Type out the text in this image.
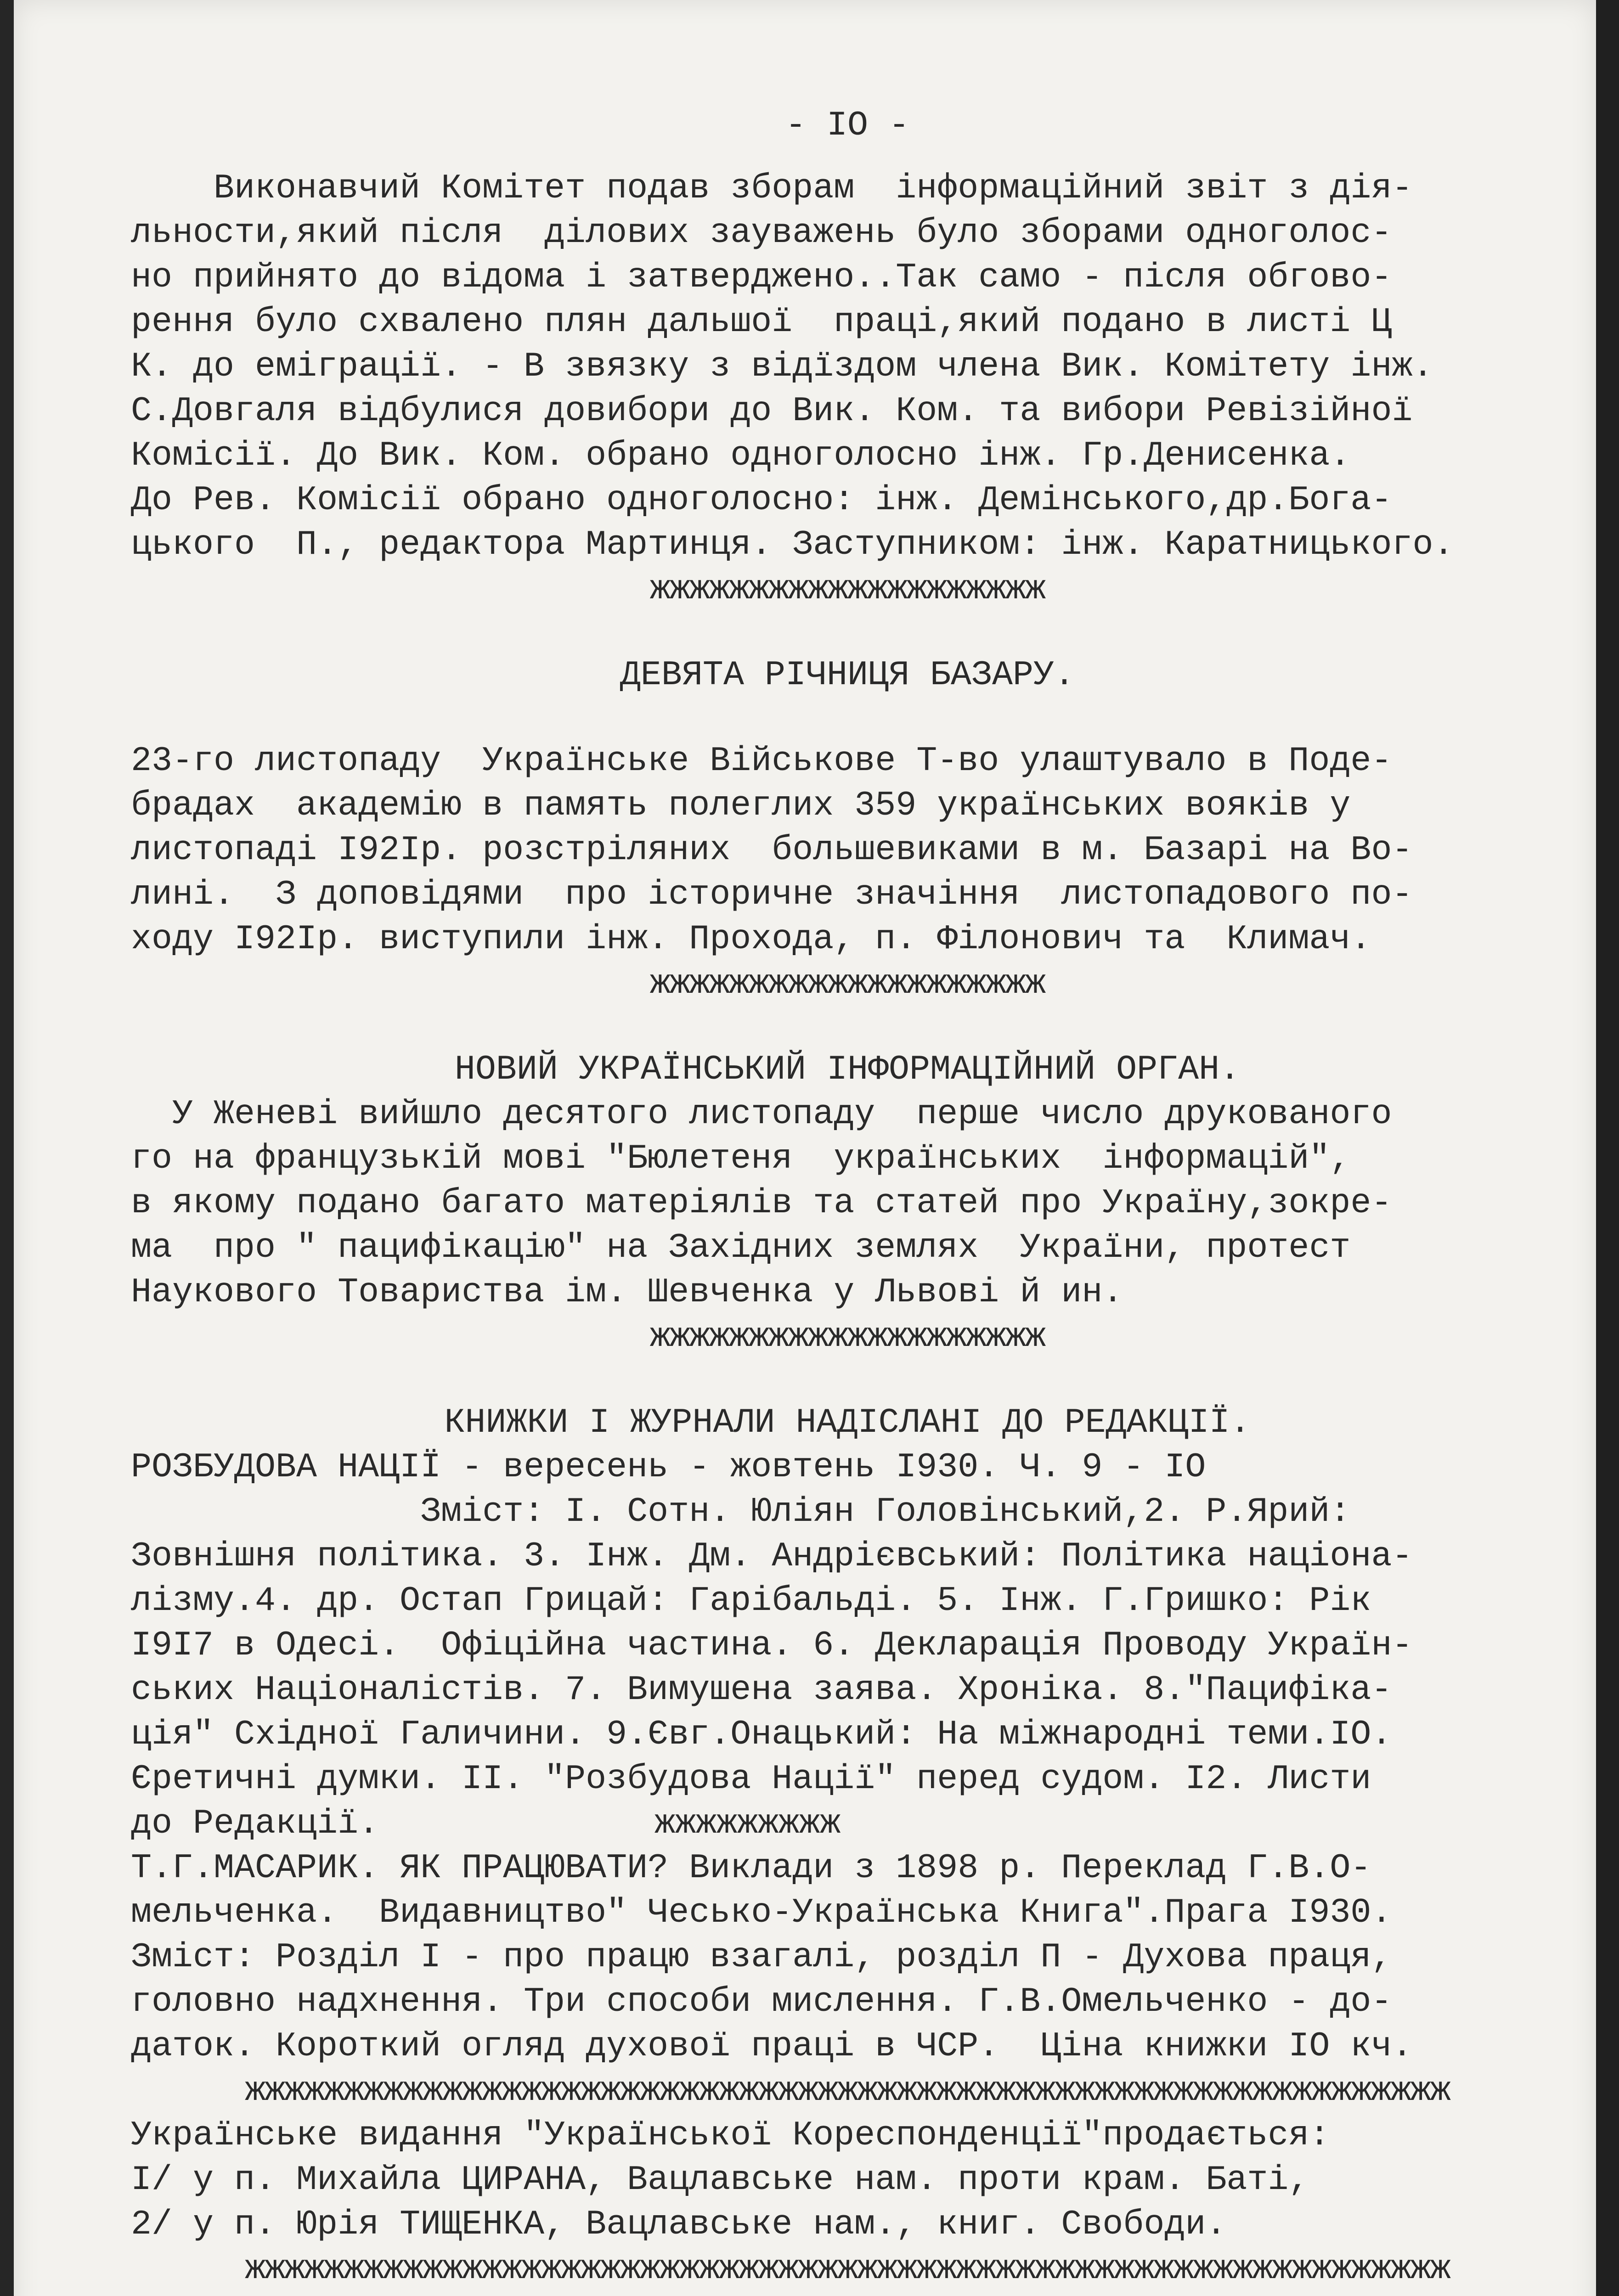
- IO -
Виконавчий Комітет подав зборам  інформаційний звіт з дія-
льности,який після  ділових зауважень було зборами одноголос-
но прийнято до відома і затверджено..Так само - після обгово-
рення було схвалено плян дальшої  праці,який подано в листі Ц
К. до еміграції. - В звязку з відїздом члена Вик. Комітету інж.
С.Довгаля відбулися довибори до Вик. Ком. та вибори Ревізійної
Комісії. До Вик. Ком. обрано одноголосно інж. Гр.Денисенка.
До Рев. Комісії обрано одноголосно: інж. Демінського,др.Бога-
цького  П., редактора Мартинця. Заступником: інж. Каратницького.
жжжжжжжжжжжжжжжжжжжж
ДЕВЯТА РІЧНИЦЯ БАЗАРУ.
23-го листопаду  Українське Військове Т-во улаштувало в Поде-
брадах  академію в память полеглих 359 українських вояків у
листопаді I92Iр. розстріляних  большевиками в м. Базарі на Во-
лині.  З доповідями  про історичне значіння  листопадового по-
ходу I92Iр. виступили інж. Прохода, п. Філонович та  Климач.
жжжжжжжжжжжжжжжжжжжж
НОВИЙ УКРАЇНСЬКИЙ ІНФОРМАЦІЙНИЙ ОРГАН.
У Женеві вийшло десятого листопаду  перше число друкованого
го на французькій мові "Бюлетеня  українських  інформацій",
в якому подано багато матеріялів та статей про Україну,зокре-
ма  про " пацифікацію" на Західних землях  України, протест
Наукового Товариства ім. Шевченка у Львові й ин.
жжжжжжжжжжжжжжжжжжжж
КНИЖКИ І ЖУРНАЛИ НАДІСЛАНІ ДО РЕДАКЦІЇ.
РОЗБУДОВА НАЦІЇ - вересень - жовтень I930. Ч. 9 - IO
Зміст: I. Сотн. Юліян Головінський,2. Р.Ярий:
Зовнішня політика. 3. Інж. Дм. Андрієвський: Політика націона-
лізму.4. др. Остап Грицай: Гарібальді. 5. Інж. Г.Гришко: Рік
I9I7 в Одесі.  Офіційна частина. 6. Декларація Проводу Україн-
ських Націоналістів. 7. Вимушена заява. Хроніка. 8."Пацифіка-
ція" Східної Галичини. 9.Євг.Онацький: На міжнародні теми.IO.
Єретичні думки. II. "Розбудова Нації" перед судом. I2. Листи
до Редакції.	жжжжжжжжж
Т.Г.МАСАРИК. ЯК ПРАЦЮВАТИ? Виклади з 1898 р. Переклад Г.В.О-
мельченка.  Видавництво" Чесько-Українська Книга".Прага I930.
Зміст: Розділ I - про працю взагалі, розділ П - Духова праця,
головно надхнення. Три способи мислення. Г.В.Омельченко - до-
даток. Короткий огляд духової праці в ЧСР.  Ціна книжки IO кч.
жжжжжжжжжжжжжжжжжжжжжжжжжжжжжжжжжжжжжжжжжжжжжжжжжжжжжжжжжжжжж
Українське видання "Української Кореспонденції"продається:
I/ у п. Михайла ЦИРАНА, Вацлавське нам. проти крам. Баті,
2/ у п. Юрія ТИЩЕНКА, Вацлавське нам., книг. Свободи.
жжжжжжжжжжжжжжжжжжжжжжжжжжжжжжжжжжжжжжжжжжжжжжжжжжжжжжжжжжжжж
